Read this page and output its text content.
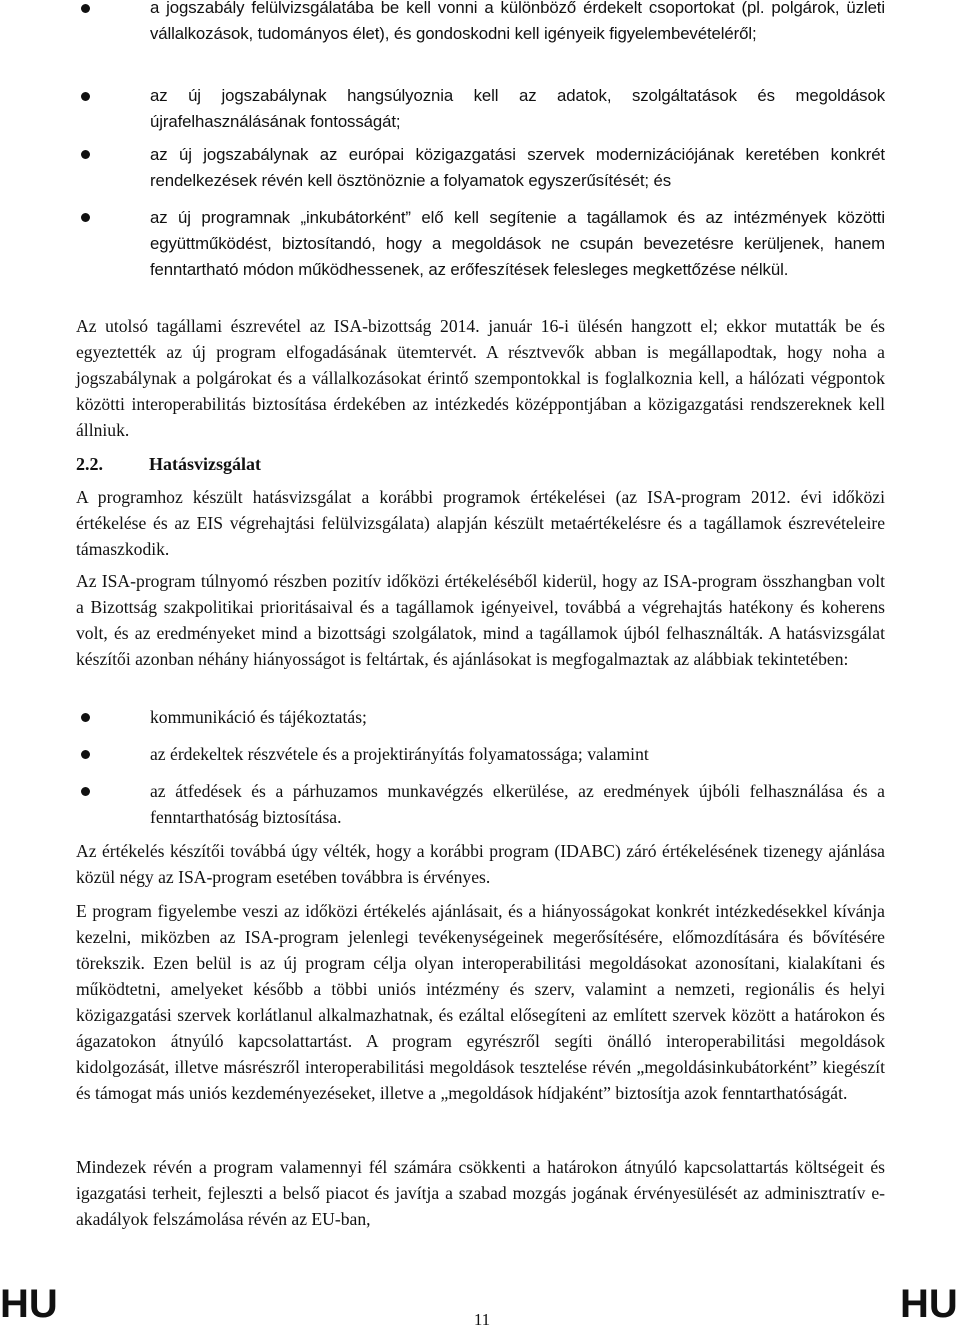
a jogszabály felülvizsgálatába be kell vonni a különböző érdekelt csoportokat (pl. polgárok, üzleti vállalkozások, tudományos élet), és gondoskodni kell igényeik figyelembevételéről;

az új jogszabálynak hangsúlyoznia kell az adatok, szolgáltatások és megoldások újrafelhasználásának fontosságát;

az új jogszabálynak az európai közigazgatási szervek modernizációjának keretében konkrét rendelkezések révén kell ösztönöznie a folyamatok egyszerűsítését; és

az új programnak „inkubátorként” elő kell segítenie a tagállamok és az intézmények közötti együttműködést, biztosítandó, hogy a megoldások ne csupán bevezetésre kerüljenek, hanem fenntartható módon működhessenek, az erőfeszítések felesleges megkettőzése nélkül.

Az utolsó tagállami észrevétel az ISA-bizottság 2014. január 16-i ülésén hangzott el; ekkor mutatták be és egyeztették az új program elfogadásának ütemtervét. A résztvevők abban is megállapodtak, hogy noha a jogszabálynak a polgárokat és a vállalkozásokat érintő szempontokkal is foglalkoznia kell, a hálózati végpontok közötti interoperabilitás biztosítása érdekében az intézkedés középpontjában a közigazgatási rendszereknek kell állniuk.

2.2.	Hatásvizsgálat

A programhoz készült hatásvizsgálat a korábbi programok értékelései (az ISA-program 2012. évi időközi értékelése és az EIS végrehajtási felülvizsgálata) alapján készült metaértékelésre és a tagállamok észrevételeire támaszkodik.

Az ISA-program túlnyomó részben pozitív időközi értékeléséből kiderül, hogy az ISA-program összhangban volt a Bizottság szakpolitikai prioritásaival és a tagállamok igényeivel, továbbá a végrehajtás hatékony és koherens volt, és az eredményeket mind a bizottsági szolgálatok, mind a tagállamok újból felhasználták. A hatásvizsgálat készítői azonban néhány hiányosságot is feltártak, és ajánlásokat is megfogalmaztak az alábbiak tekintetében:

kommunikáció és tájékoztatás;

az érdekeltek részvétele és a projektirányítás folyamatossága; valamint

az átfedések és a párhuzamos munkavégzés elkerülése, az eredmények újbóli felhasználása és a fenntarthatóság biztosítása.

Az értékelés készítői továbbá úgy vélték, hogy a korábbi program (IDABC) záró értékelésének tizenegy ajánlása közül négy az ISA-program esetében továbbra is érvényes.

E program figyelembe veszi az időközi értékelés ajánlásait, és a hiányosságokat konkrét intézkedésekkel kívánja kezelni, miközben az ISA-program jelenlegi tevékenységeinek megerősítésére, előmozdítására és bővítésére törekszik. Ezen belül is az új program célja olyan interoperabilitási megoldásokat azonosítani, kialakítani és működtetni, amelyeket később a többi uniós intézmény és szerv, valamint a nemzeti, regionális és helyi közigazgatási szervek korlátlanul alkalmazhatnak, és ezáltal elősegíteni az említett szervek között a határokon és ágazatokon átnyúló kapcsolattartást. A program egyrészről segíti önálló interoperabilitási megoldások kidolgozását, illetve másrészről interoperabilitási megoldások tesztelése révén „megoldásinkubátorként” kiegészít és támogat más uniós kezdeményezéseket, illetve a „megoldások hídjaként” biztosítja azok fenntarthatóságát.

Mindezek révén a program valamennyi fél számára csökkenti a határokon átnyúló kapcsolattartás költségeit és igazgatási terheit, fejleszti a belső piacot és javítja a szabad mozgás jogának érvényesülését az adminisztratív e-akadályok felszámolása révén az EU-ban,

HU	11	HU
